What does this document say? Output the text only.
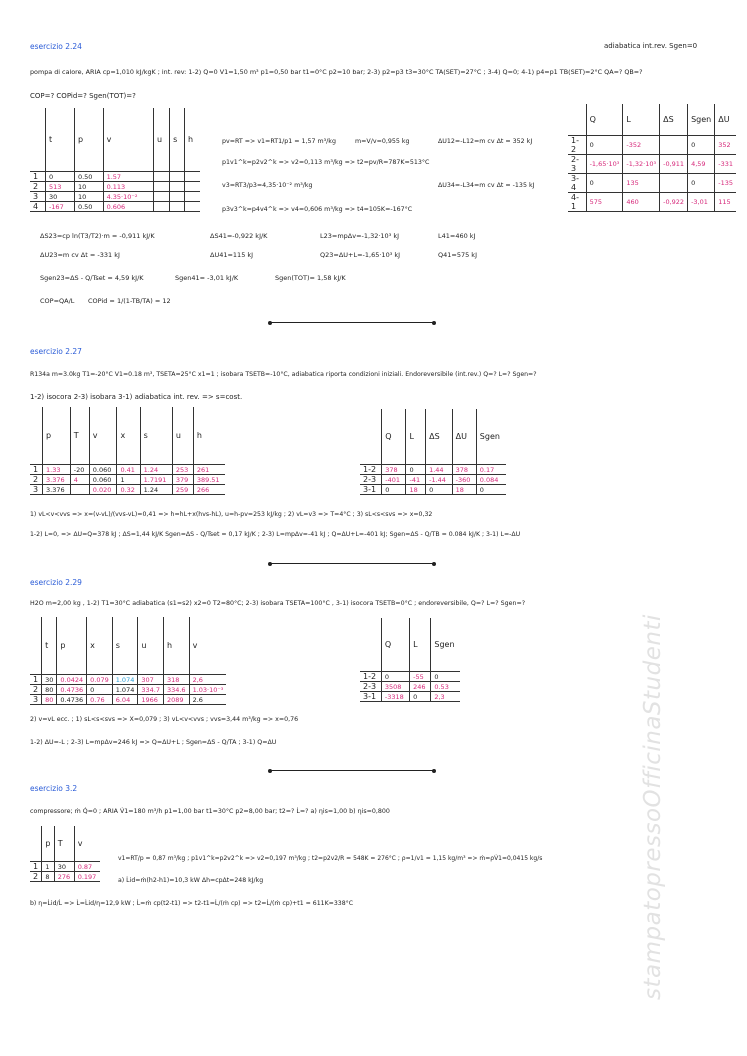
stampatopressoOfficinaStudenti
esercizio 2.24	adiabatica int.rev. Sgen=0
pompa di calore, ARIA cp=1,010 kJ/kgK ; int. rev: 1-2) Q=0 V1=1,50 m³ p1=0,50 bar t1=0°C p2=10 bar; 2-3) p2=p3 t3=30°C TA(SET)=27°C ; 3-4) Q=0; 4-1) p4=p1 TB(SET)=2°C QA=? QB=?
COP=? COPid=? Sgen(TOT)=?
	t	p	v	u	s	h
1	0	0.50	1.57			
2	513	10	0.113			
3	30	10	4.35·10⁻²			
4	-167	0.50	0.606			
pv=RT => v1=RT1/p1 = 1,57 m³/kg
p1v1^k=p2v2^k => v2=0,113 m³/kg => t2=pv/R=787K=513°C
v3=RT3/p3=4,35·10⁻² m³/kg
p3v3^k=p4v4^k => v4=0,606 m³/kg => t4=105K=-167°C
m=V/v=0,955 kg	ΔU12=-L12=m cv Δt = 352 kJ
ΔU34=-L34=m cv Δt = -135 kJ
	Q	L	ΔS	Sgen	ΔU
1-2	0	-352		0	352
2-3	-1,65·10³	-1,32·10³	-0,911	4,59	-331
3-4	0	135		0	-135
4-1	575	460	-0,922	-3,01	115
ΔS23=cp ln(T3/T2)·m = -0,911 kJ/K	ΔS41=-0,922 kJ/K	L23=mpΔv=-1,32·10³ kJ	L41=460 kJ
ΔU23=m cv Δt = -331 kJ	ΔU41=115 kJ	Q23=ΔU+L=-1,65·10³ kJ	Q41=575 kJ
Sgen23=ΔS - Q/Tset = 4,59 kJ/K	Sgen41= -3,01 kJ/K	Sgen(TOT)= 1,58 kJ/K
COP=QA/L COPid = 1/(1-TB/TA) = 12
esercizio 2.27
R134a m=3.0kg T1=-20°C V1=0.18 m³, TSETA=25°C x1=1 ; isobara TSETB=-10°C, adiabatica riporta condizioni iniziali. Endoreversibile (int.rev.) Q=? L=? Sgen=?
1-2) isocora 2-3) isobara 3-1) adiabatica int. rev. => s=cost.
	p	T	v	x	s	u	h
1	1.33	-20	0.060	0.41	1.24	253	261
2	3.376	4	0.060	1	1.7191	379	389.51
3	3.376		0.020	0.32	1.24	259	266
	Q	L	ΔS	ΔU	Sgen
1-2	378	0	1.44	378	0.17
2-3	-401	-41	-1.44	-360	0.084
3-1	0	18	0	18	0
1) vL<v<vvs => x=(v-vL)/(vvs-vL)=0,41 => h=hL+x(hvs-hL), u=h-pv=253 kJ/kg ; 2) vL=v3 => T=4°C ; 3) sL<s<svs => x=0,32
1-2) L=0, => ΔU=Q=378 kJ ; ΔS=1,44 kJ/K Sgen=ΔS - Q/Tset = 0,17 kJ/K ; 2-3) L=mpΔv=-41 kJ ; Q=ΔU+L=-401 kJ; Sgen=ΔS - Q/TB = 0.084 kJ/K ; 3-1) L=-ΔU
esercizio 2.29
H2O m=2,00 kg , 1-2) T1=30°C adiabatica (s1=s2) x2=0 T2=80°C; 2-3) isobara TSETA=100°C , 3-1) isocora TSETB=0°C ; endoreversibile, Q=? L=? Sgen=?
	t	p	x	s	u	h	v
1	30	0.0424	0.079	1.074	307	318	2,6
2	80	0.4736	0	1.074	334.7	334.6	1.03·10⁻³
3	80	0.4736	0.76	6.04	1966	2089	2.6
	Q	L	Sgen
1-2	0	-55	0
2-3	3508	246	0.53
3-1	-3318	0	2,3
2) v=vL ecc. ; 1) sL<s<svs => X=0,079 ; 3) vL<v<vvs ; vvs=3,44 m³/kg => x=0,76
1-2) ΔU=-L ; 2-3) L=mpΔv=246 kJ => Q=ΔU+L ; Sgen=ΔS - Q/TA ; 3-1) Q=ΔU
esercizio 3.2
compressore; ṁ Q̇=0 ; ARIA V̇1=180 m³/h p1=1,00 bar t1=30°C p2=8,00 bar; t2=? L̇=? a) ηis=1,00 b) ηis=0,800
	p	T	v
1	1	30	0.87
2	8	276	0.197
v1=RT/p = 0,87 m³/kg ; p1v1^k=p2v2^k => v2=0,197 m³/kg ; t2=p2v2/R = 548K = 276°C ; ρ=1/v1 = 1,15 kg/m³ => ṁ=ρV̇1=0,0415 kg/s
a) L̇id=ṁ(h2-h1)=10,3 kW Δh=cpΔt=248 kJ/kg
b) η=L̇id/L̇ => L̇=L̇id/η=12,9 kW ; L̇=ṁ cp(t2-t1) => t2-t1=L̇/(ṁ cp) => t2=L̇/(ṁ cp)+t1 = 611K=338°C
